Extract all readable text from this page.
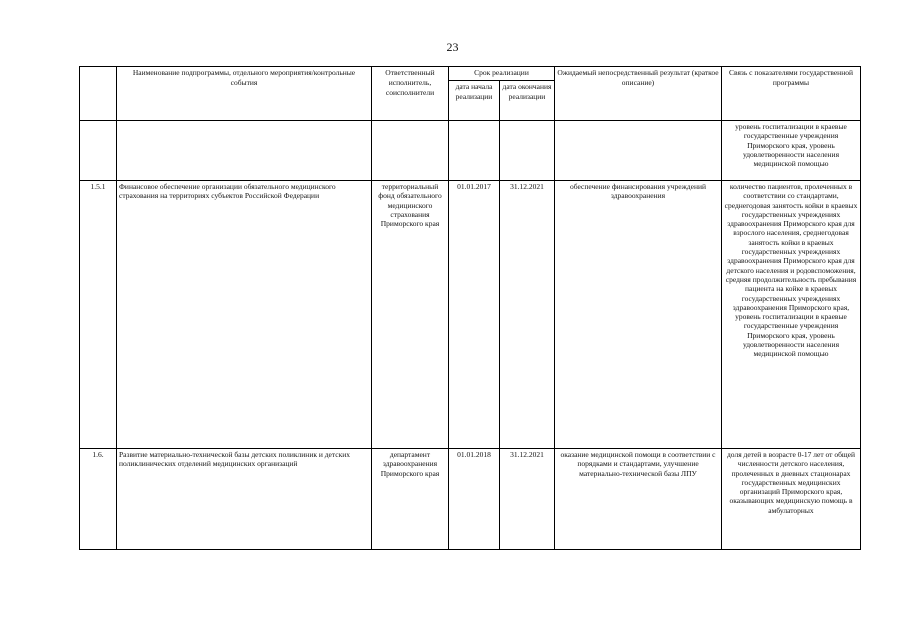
23
	Наименование подпрограммы, отдельного мероприятия/контрольные события	Ответственный исполнитель, соисполнители	Срок реализации		Ожидаемый непосредственный результат (краткое описание)	Связь с показателями государственной программы
			дата начала реализации	дата окончания реализации		
						уровень госпитализации в краевые государственные учреждения Приморского края, уровень удовлетворенности населения медицинской помощью
1.5.1	Финансовое обеспечение организации обязательного медицинского страхования на территориях субъектов Российской Федерации	территориальный фонд обязательного медицинского страхования Приморского края	01.01.2017	31.12.2021	обеспечение финансирования учреждений здравоохранения	количество пациентов, пролеченных в соответствии со стандартами, среднегодовая занятость койки в краевых государственных учреждениях здравоохранения Приморского края для взрослого населения, среднегодовая занятость койки в краевых государственных учреждениях здравоохранения Приморского края для детского населения и родовспоможения, средняя продолжительность пребывания пациента на койке в краевых государственных учреждениях здравоохранения Приморского края, уровень госпитализации в краевые государственные учреждения Приморского края, уровень удовлетворенности населения медицинской помощью
1.6.	Развитие материально-технической базы детских поликлиник и детских поликлинических отделений медицинских организаций	департамент здравоохранения Приморского края	01.01.2018	31.12.2021	оказание медицинской помощи в соответствии с порядками и стандартами, улучшение материально-технической базы ЛПУ	доля детей в возрасте 0-17 лет от общей численности детского населения, пролеченных в дневных стационарах государственных медицинских организаций Приморского края, оказывающих медицинскую помощь в амбулаторных
